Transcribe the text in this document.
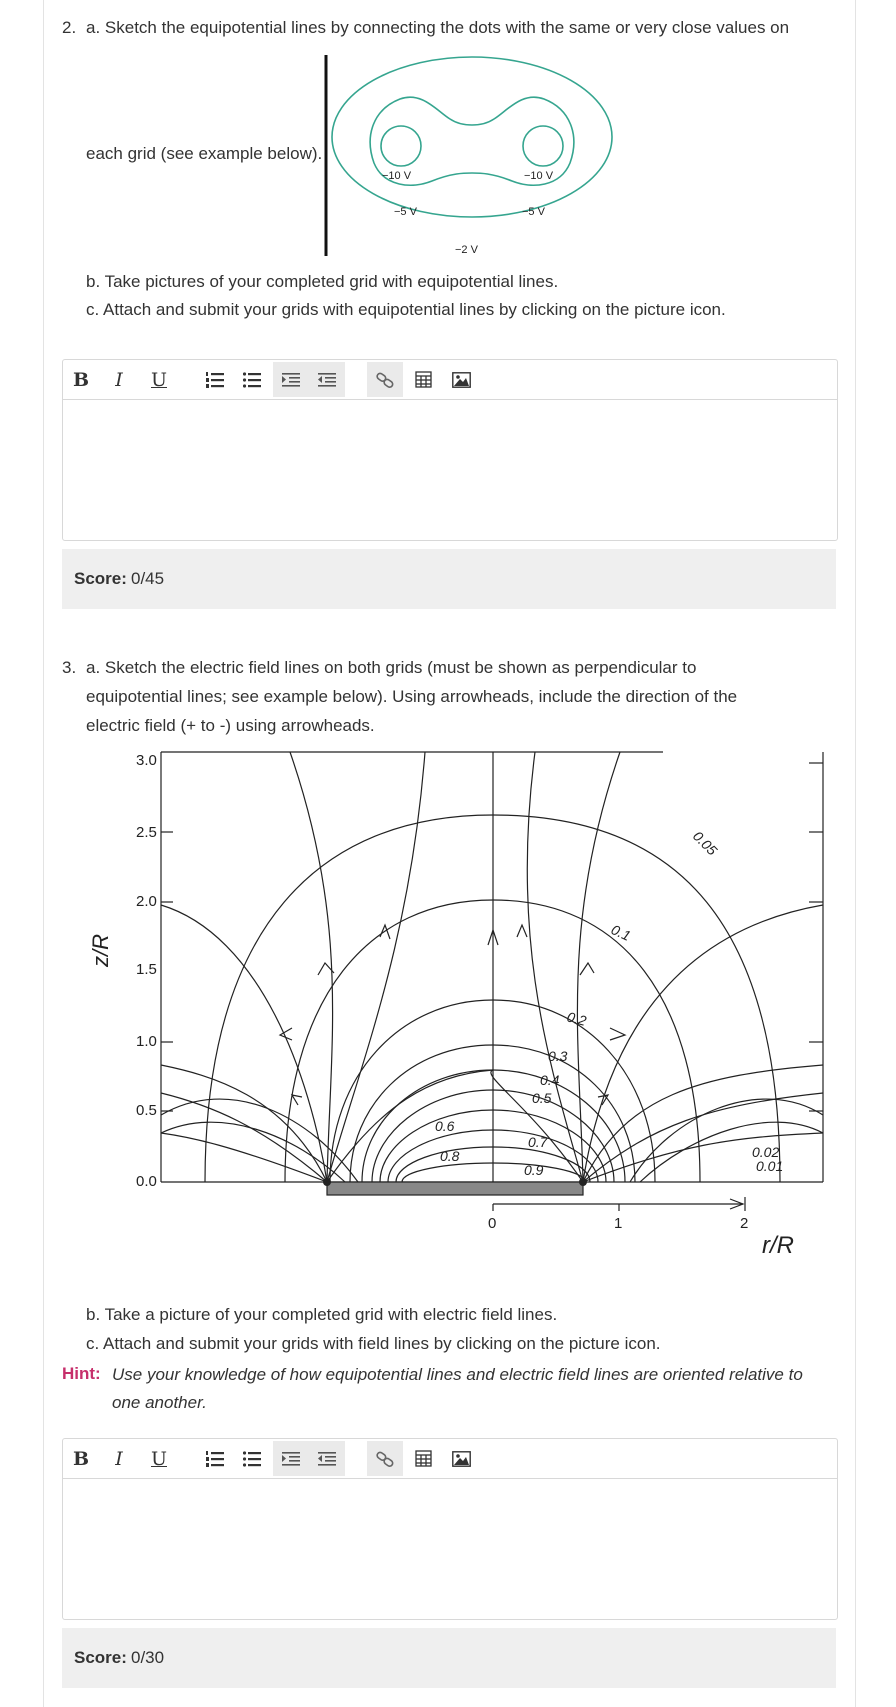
2. a. Sketch the equipotential lines by connecting the dots with the same or very close values on
each grid (see example below).
−10 V	−10 V
−5 V	−5 V
−2 V
b. Take pictures of your completed grid with equipotential lines.
c. Attach and submit your grids with equipotential lines by clicking on the picture icon.
B I U
Score: 0/45
3. a. Sketch the electric field lines on both grids (must be shown as perpendicular to
equipotential lines; see example below). Using arrowheads, include the direction of the
electric field (+ to -) using arrowheads.
3.0
2.5
2.0
1.5
1.0
0.5
0.0
z/R
0	1	2
r/R
0.05
0.1
0.2
0.3
0.4
0.5
0.6
0.7
0.8
0.9
0.02
0.01
b. Take a picture of your completed grid with electric field lines.
c. Attach and submit your grids with field lines by clicking on the picture icon.
Hint: Use your knowledge of how equipotential lines and electric field lines are oriented relative to one another.
B I U
Score: 0/30
